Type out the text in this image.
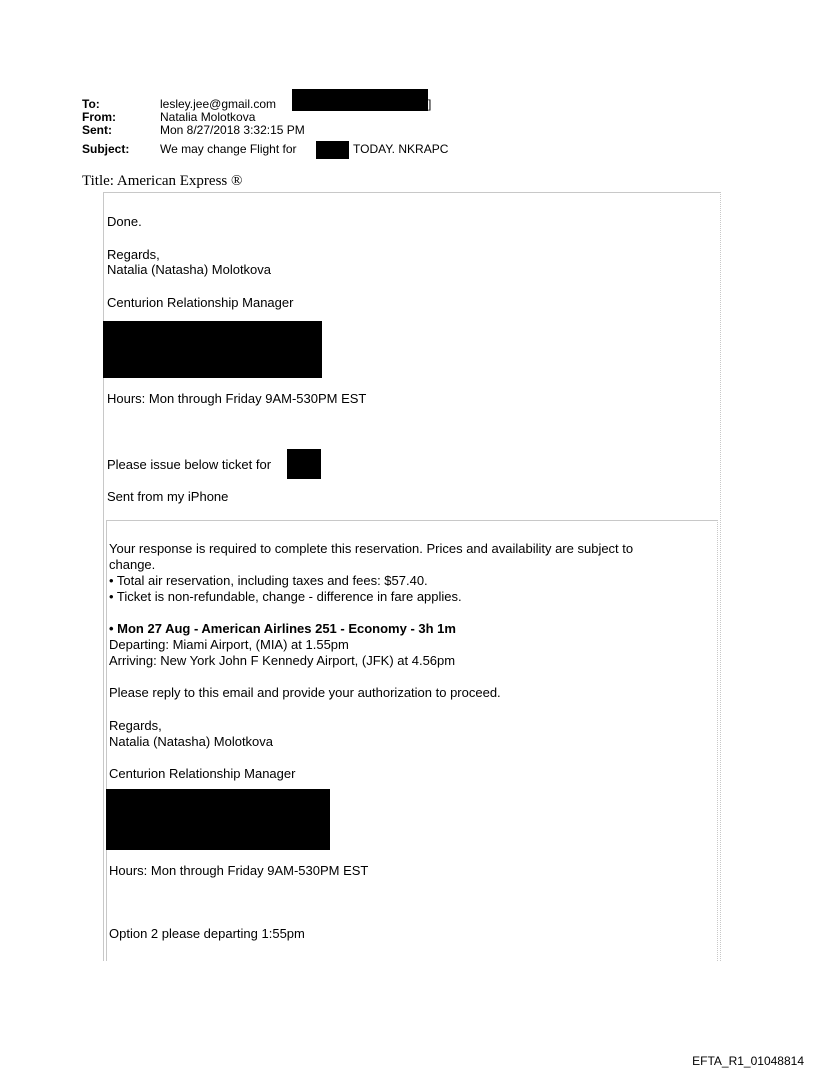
To:	lesley.jee@gmail.com	]
From:	Natalia Molotkova
Sent:	Mon 8/27/2018 3:32:15 PM
Subject:	We may change Flight for	TODAY. NKRAPC
Title: American Express ®
Done.
Regards,
Natalia (Natasha) Molotkova
Centurion Relationship Manager
Hours: Mon through Friday 9AM-530PM EST
Please issue below ticket for
Sent from my iPhone
Your response is required to complete this reservation. Prices and availability are subject to
change.
• Total air reservation, including taxes and fees: $57.40.
• Ticket is non-refundable, change - difference in fare applies.
• Mon 27 Aug - American Airlines 251 - Economy - 3h 1m
Departing: Miami Airport, (MIA) at 1.55pm
Arriving: New York John F Kennedy Airport, (JFK) at 4.56pm
Please reply to this email and provide your authorization to proceed.
Regards,
Natalia (Natasha) Molotkova
Centurion Relationship Manager
Hours: Mon through Friday 9AM-530PM EST
Option 2 please departing 1:55pm
EFTA_R1_01048814
